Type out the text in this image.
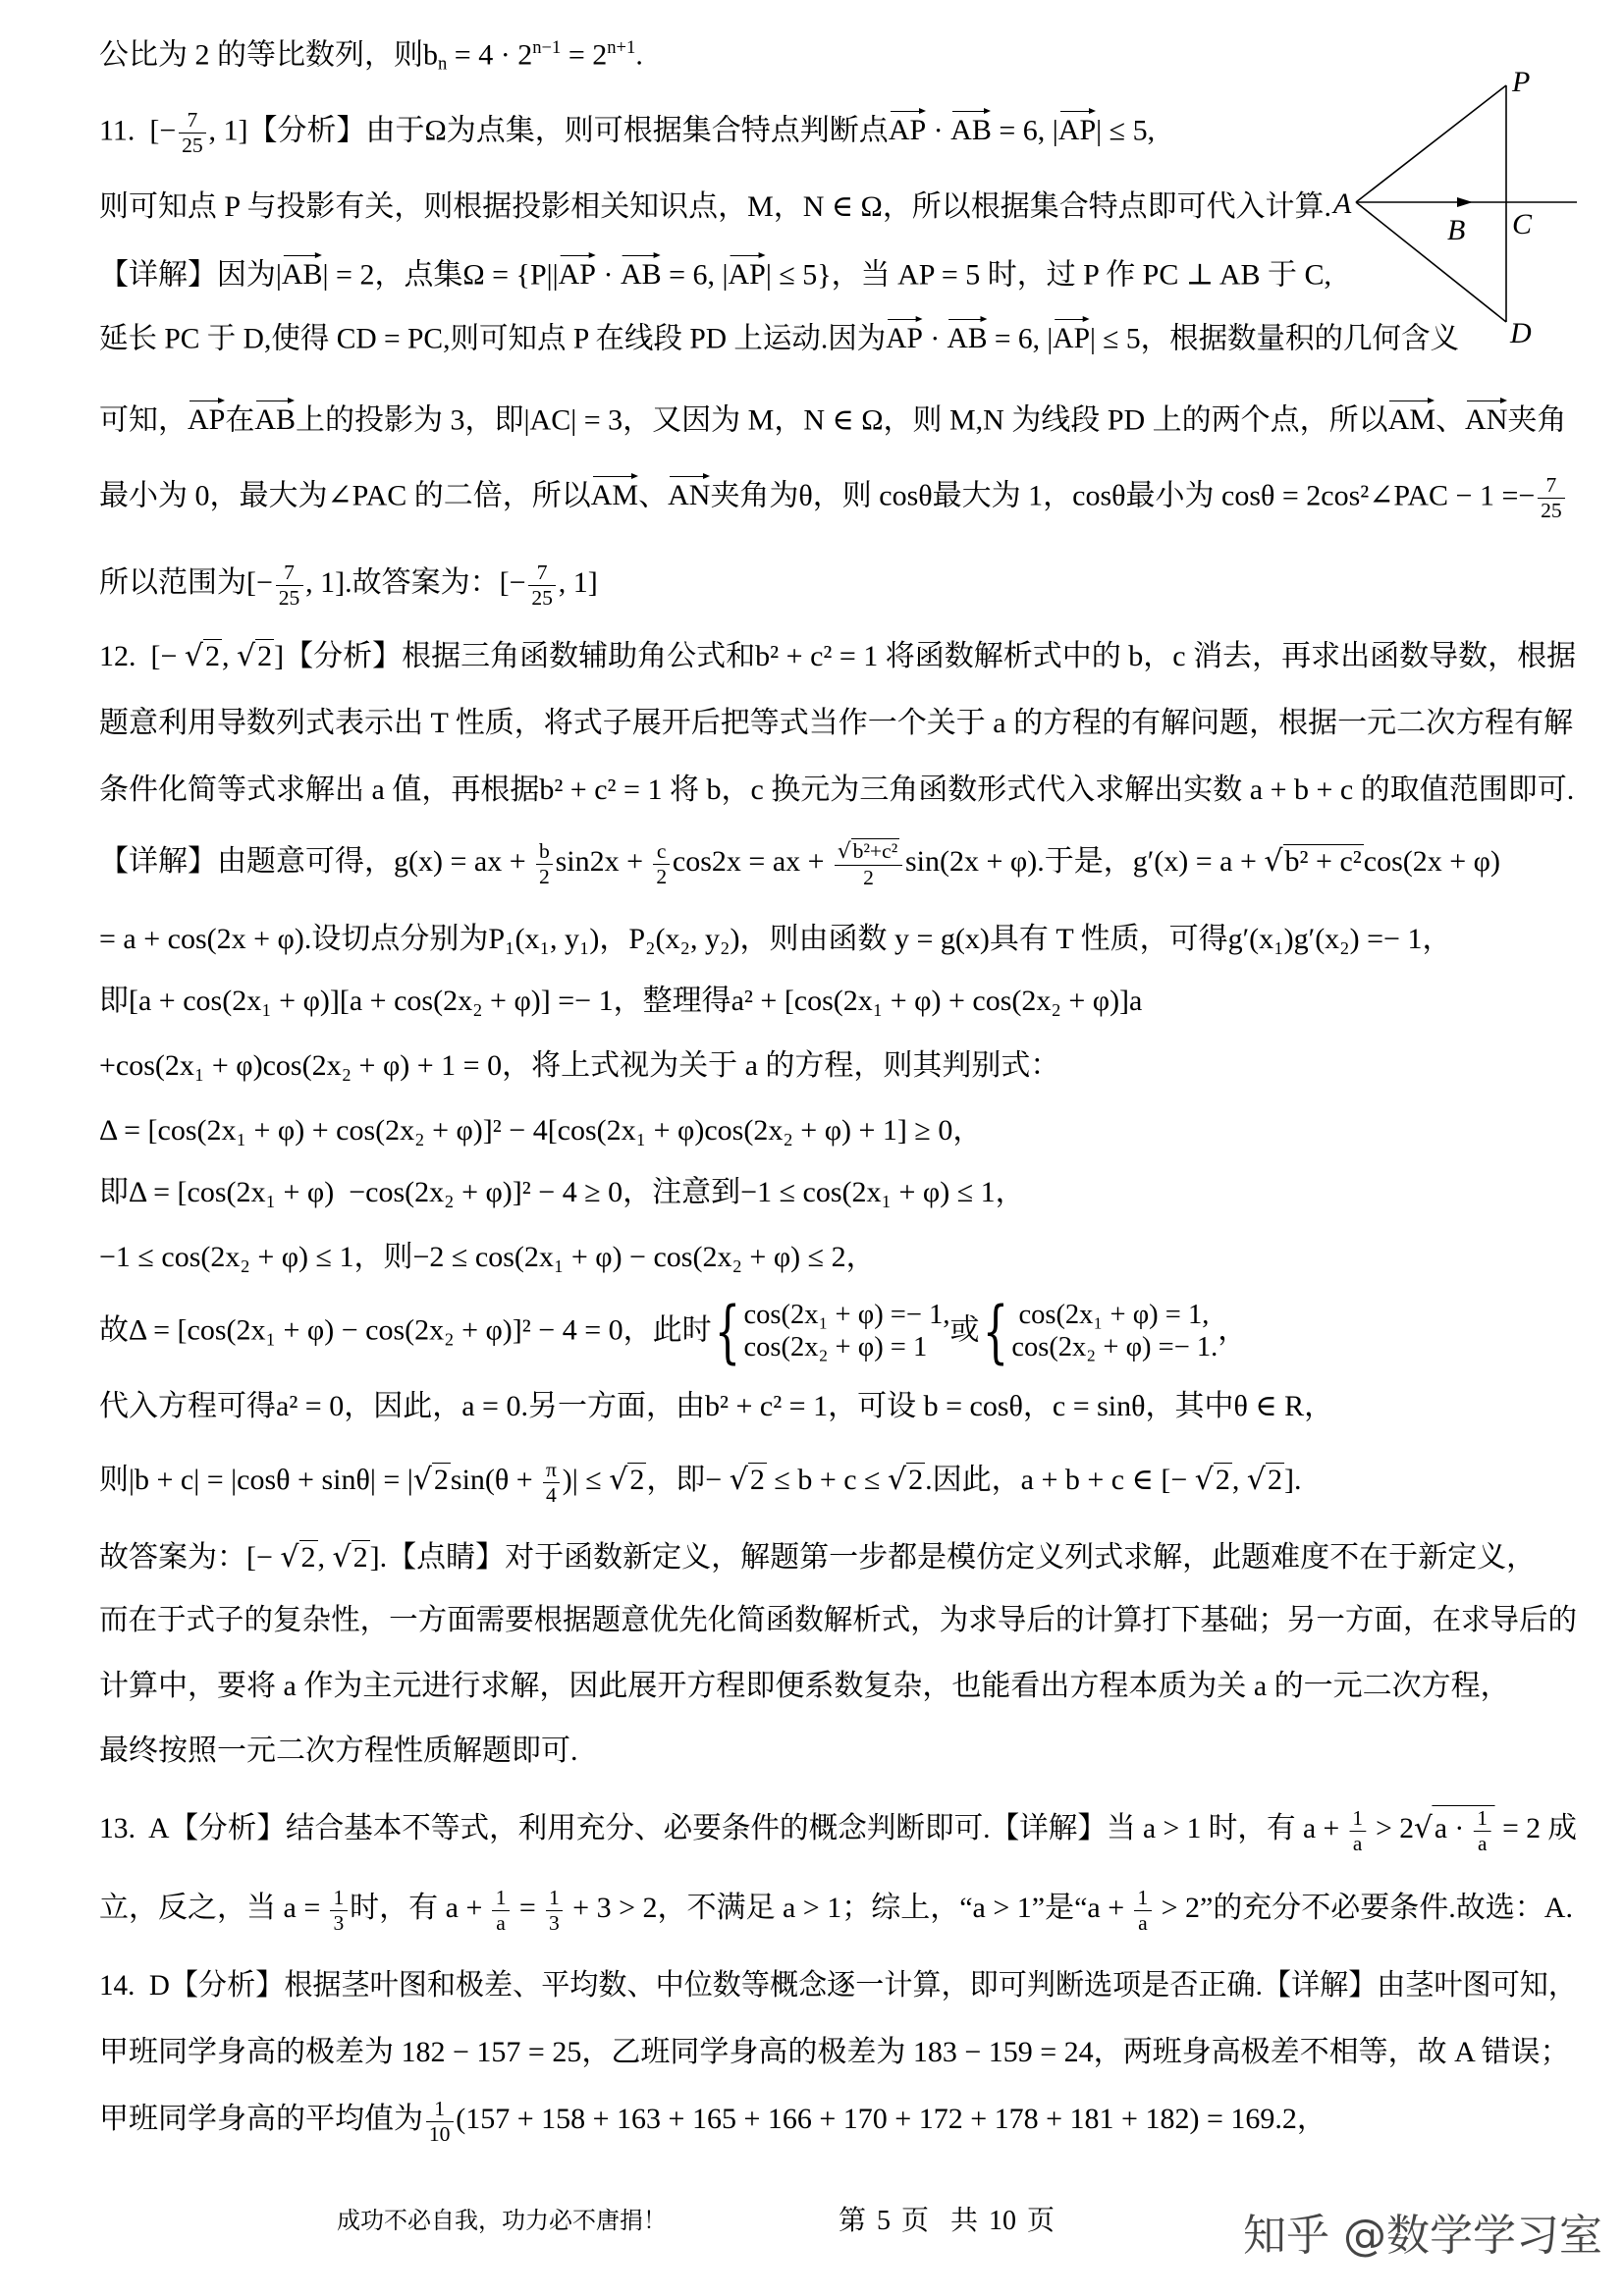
公比为 2 的等比数列，则$b_n = 4 \cdot 2^{n-1} = 2^{n+1}$.
11.  [− $\frac{7}{25}$ , 1]【分析】由于Ω为点集，则可根据集合特点判断点AP · AB = 6, |AP| ≤ 5,
则可知点 P 与投影有关，则根据投影相关知识点，M，N ∈ Ω，所以根据集合特点即可代入计算.
【详解】因为|AB| = 2，点集Ω = {P||AP · AB = 6, |AP| ≤ 5}，当 AP = 5 时，过 P 作 PC ⊥ AB 于 C,
延长 PC 于 D,使得 CD = PC,则可知点 P 在线段 PD 上运动.因为AP · AB = 6, |AP| ≤ 5，根据数量积的几何含义
可知，AP在AB上的投影为 3，即|AC| = 3，又因为 M，N ∈ Ω，则 M,N 为线段 PD 上的两个点，所以AM、AN夹角
最小为 0，最大为∠PAC 的二倍，所以AM、AN夹角为θ，则 cosθ最大为 1，cosθ最小为 cosθ = 2cos²∠PAC − $1 =- \frac{7}{25}$
所以范围为[− $\frac{7}{25}$ , 1].故答案为：[− $\frac{7}{25}$ , 1]
P
A
B C
D
12.  [− √2, √2]【分析】根据三角函数辅助角公式和b² + c² = 1 将函数解析式中的 b，c 消去，再求出函数导数，根据
题意利用导数列式表示出 T 性质，将式子展开后把等式当作一个关于 a 的方程的有解问题，根据一元二次方程有解
条件化简等式求解出 a 值，再根据b² + c² = 1 将 b，c 换元为三角函数形式代入求解出实数 a + b + c 的取值范围即可.
【详解】由题意可得，g(x) = ax + $\frac{b}{2} \sin 2x + \frac{c}{2} \cos 2x$ = ax + $\frac{\text{√b²+c²}}{2} \sin(2x + \varphi)$.于是，g′(x) = a + √b² + c²cos(2x + φ)
= a + cos(2x + φ).设切点分别为P₁(x₁, y₁)，P₂(x₂, y₂)，则由函数 y = g(x)具有 T 性质，可得g′(x₁)g′(x₂) =− 1，
即[a + cos(2x₁ + φ)][a + cos(2x₂ + φ)] =− 1，整理得a² + [cos(2x₁ + φ) + cos(2x₂ + φ)]a
+cos(2x₁ + φ)cos(2x₂ + φ) + 1 = 0，将上式视为关于 a 的方程，则其判别式：
Δ = [cos(2x₁ + φ) + cos(2x₂ + φ)]² − 4[cos(2x₁ + φ)cos(2x₂ + φ) + 1] ≥ 0，
即Δ = [cos(2x₁ + φ)  −cos(2x₂ + φ)]² − 4 ≥ 0，注意到−1 ≤ cos(2x₁ + φ) ≤ 1，
−1 ≤ cos(2x₂ + φ) ≤ 1，则−2 ≤ cos(2x₁ + φ) − cos(2x₂ + φ) ≤ 2，
故Δ = [cos(2x₁ + φ) − cos(2x₂ + φ)]² − 4 = 0，此时 { cos(2x₁ + φ) =− 1,
cos(2x₂ + φ) = 1
或 { cos(2x₁ + φ) = 1,
cos(2x₂ + φ) =− 1.
，
代入方程可得a² = 0，因此，a = 0.另一方面，由b² + c² = 1，可设 b = cosθ，c = sinθ，其中θ ∈ R，
则$|b + c| = |\cos\theta + \sin\theta| = |√2\sin(\theta + \frac{\pi}{4}$ )| ≤ √2，即− √2 ≤ b + c ≤ √2.因此，a + b + c ∈ [− √2, √2].
故答案为：[− √2, √2].【点睛】对于函数新定义，解题第一步都是模仿定义列式求解，此题难度不在于新定义，
而在于式子的复杂性，一方面需要根据题意优先化简函数解析式，为求导后的计算打下基础；另一方面，在求导后的
计算中，要将 a 作为主元进行求解，因此展开方程即便系数复杂，也能看出方程本质为关 a 的一元二次方程，
最终按照一元二次方程性质解题即可.
13.  A【分析】结合基本不等式，利用充分、必要条件的概念判断即可.【详解】当 a > 1 时，有 $a + \frac{1}{a} > 2√a \cdot \frac{1}{a} = 2$ 成
立，反之，当 $a = \frac{1}{3}$ 时，有 $a + \frac{1}{a} = \frac{1}{3} + 3 > 2$，不满足 a > 1；综上，“a > 1”是“$a + \frac{1}{a} > 2$”的充分不必要条件.故选：A.
14.  D【分析】根据茎叶图和极差、平均数、中位数等概念逐一计算，即可判断选项是否正确.【详解】由茎叶图可知，
甲班同学身高的极差为 182 − 157 = 25，乙班同学身高的极差为 183 − 159 = 24，两班身高极差不相等，故 A 错误；
甲班同学身高的平均值为 $\frac{1}{10} (157 + 158 + 163 + 165 + 166 + 170 + 172 + 178 + 181 + 182) = 169.2$，
成功不必自我，功力必不唐捐！	第 5 页  共 10 页	知乎 @数学学习室
